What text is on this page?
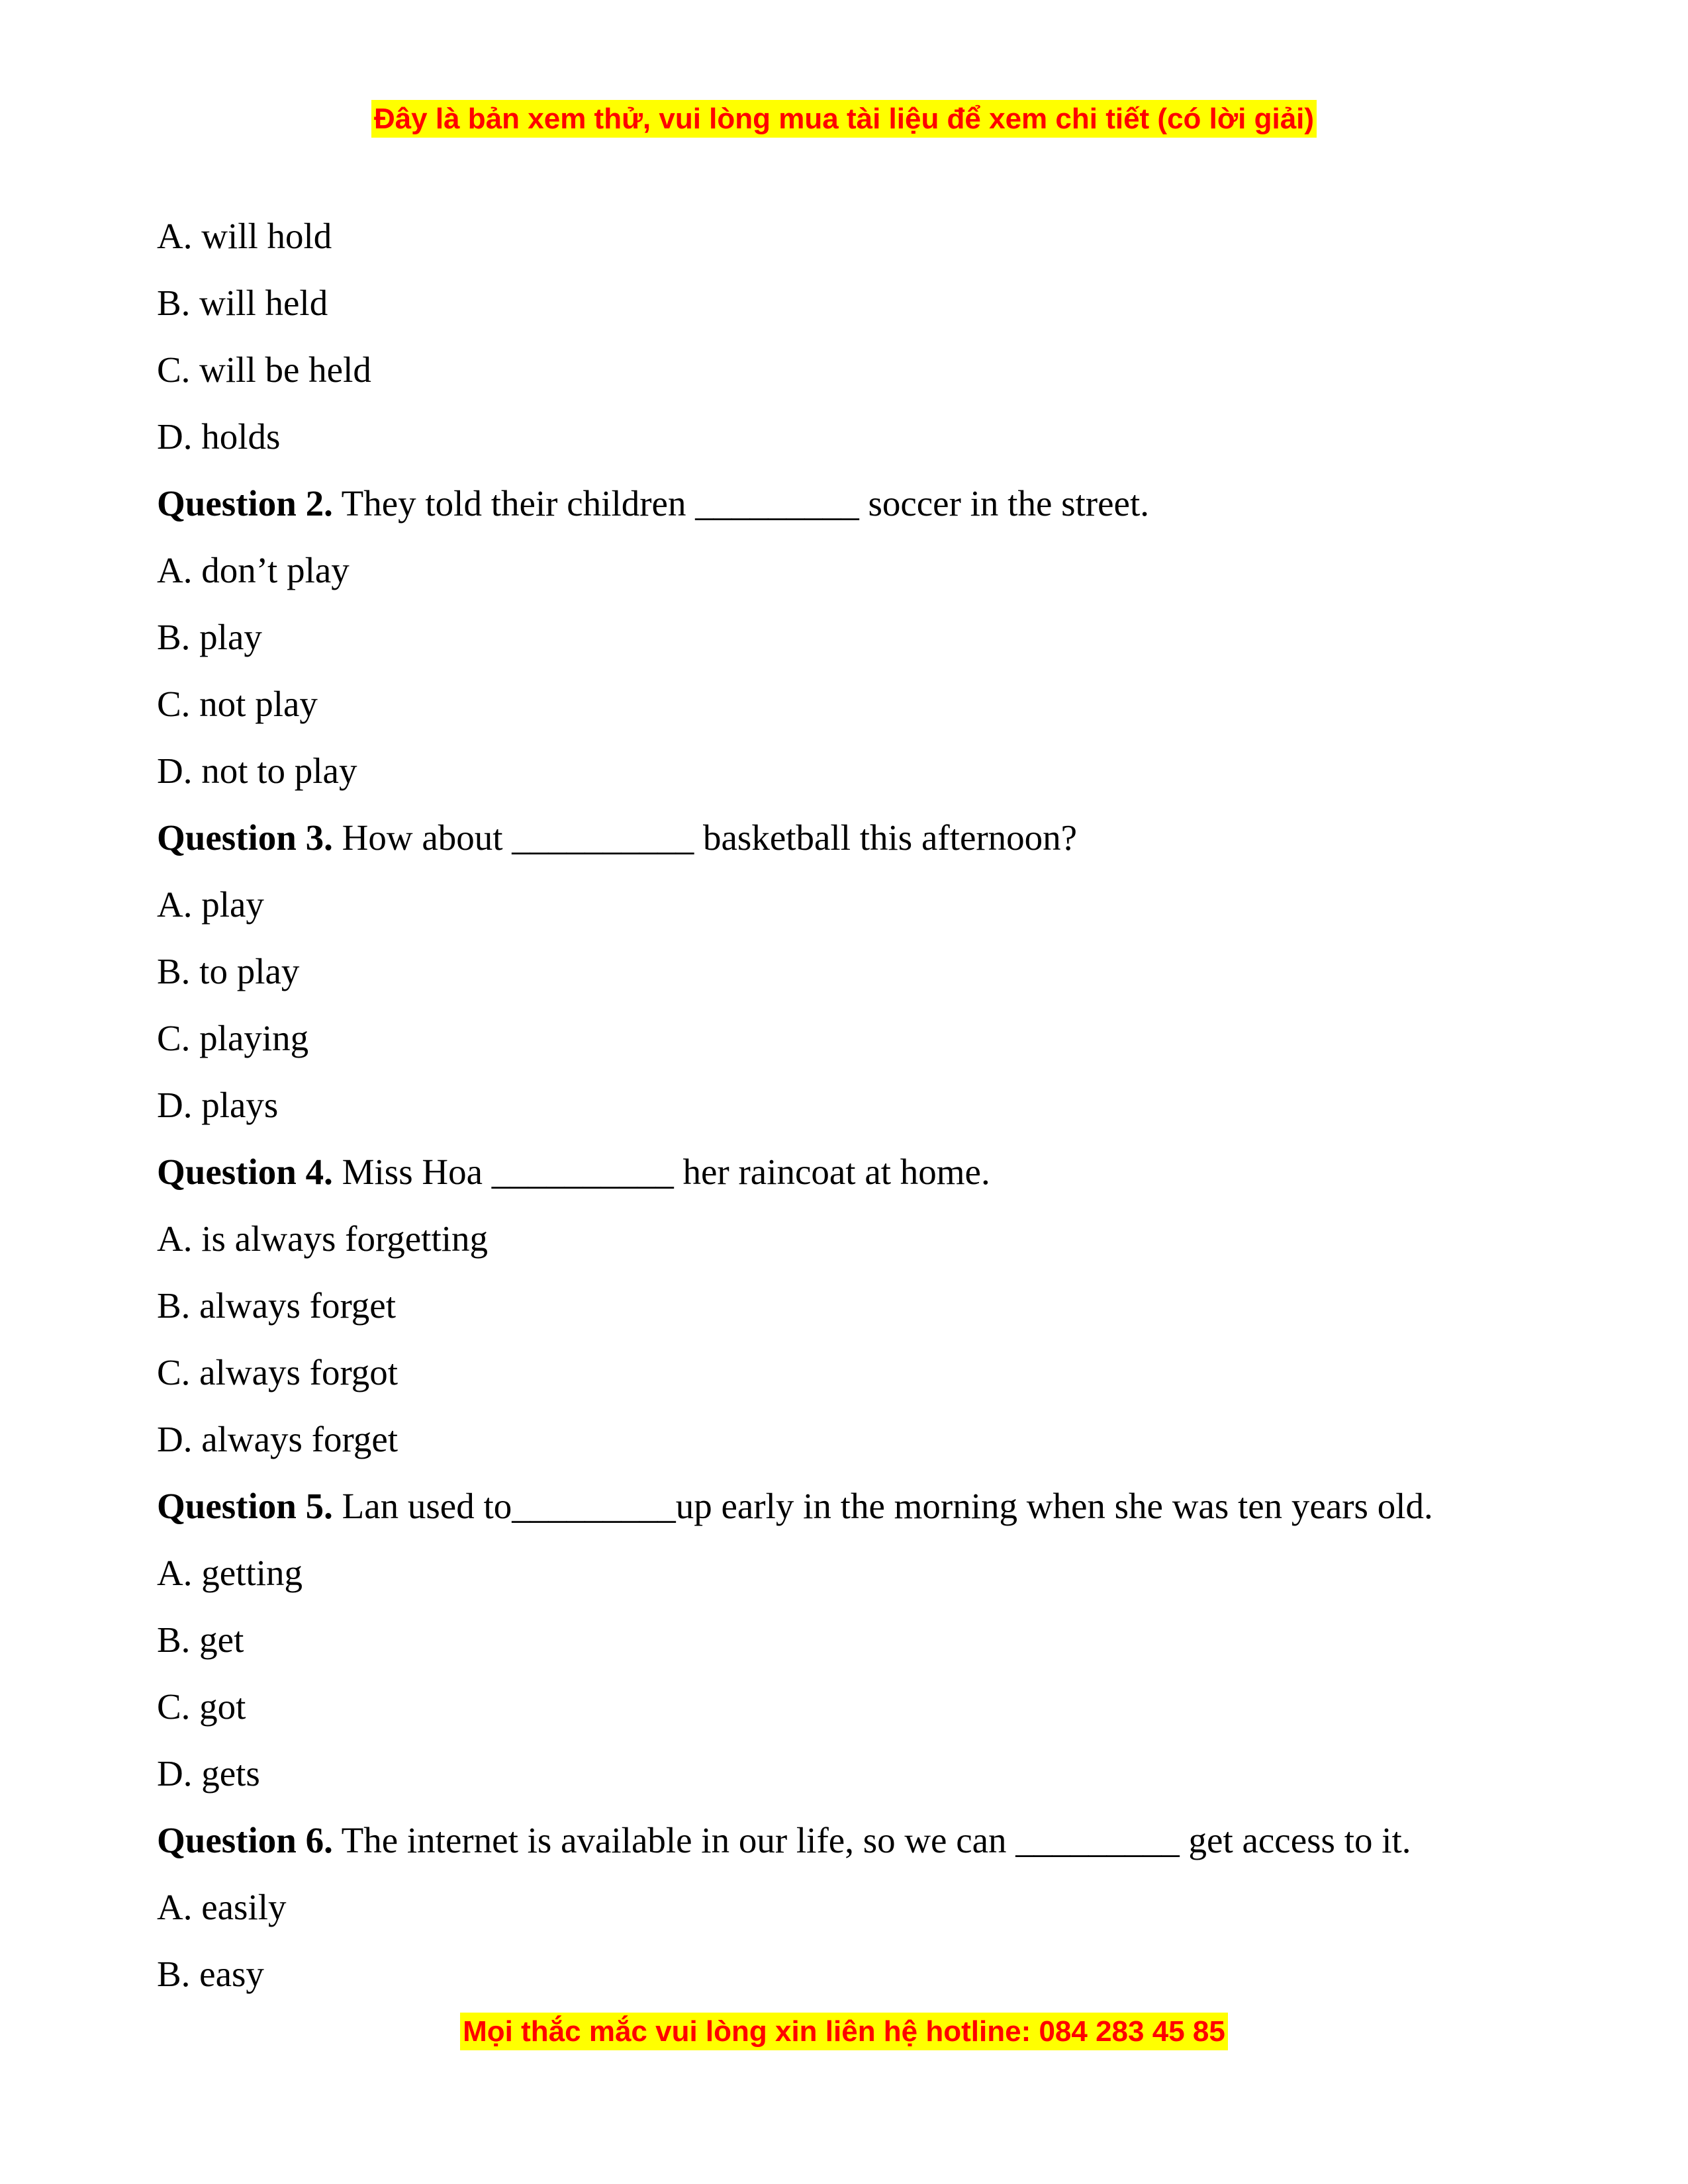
Đây là bản xem thử, vui lòng mua tài liệu để xem chi tiết (có lời giải)
A. will hold
B. will held
C. will be held
D. holds
Question 2. They told their children _________ soccer in the street.
A. don’t play
B. play
C. not play
D. not to play
Question 3. How about __________ basketball this afternoon?
A. play
B. to play
C. playing
D. plays
Question 4. Miss Hoa __________ her raincoat at home.
A. is always forgetting
B. always forget
C. always forgot
D. always forget
Question 5. Lan used to_________up early in the morning when she was ten years old.
A. getting
B. get
C. got
D. gets
Question 6. The internet is available in our life, so we can _________ get access to it.
A. easily
B. easy
Mọi thắc mắc vui lòng xin liên hệ hotline: 084 283 45 85
